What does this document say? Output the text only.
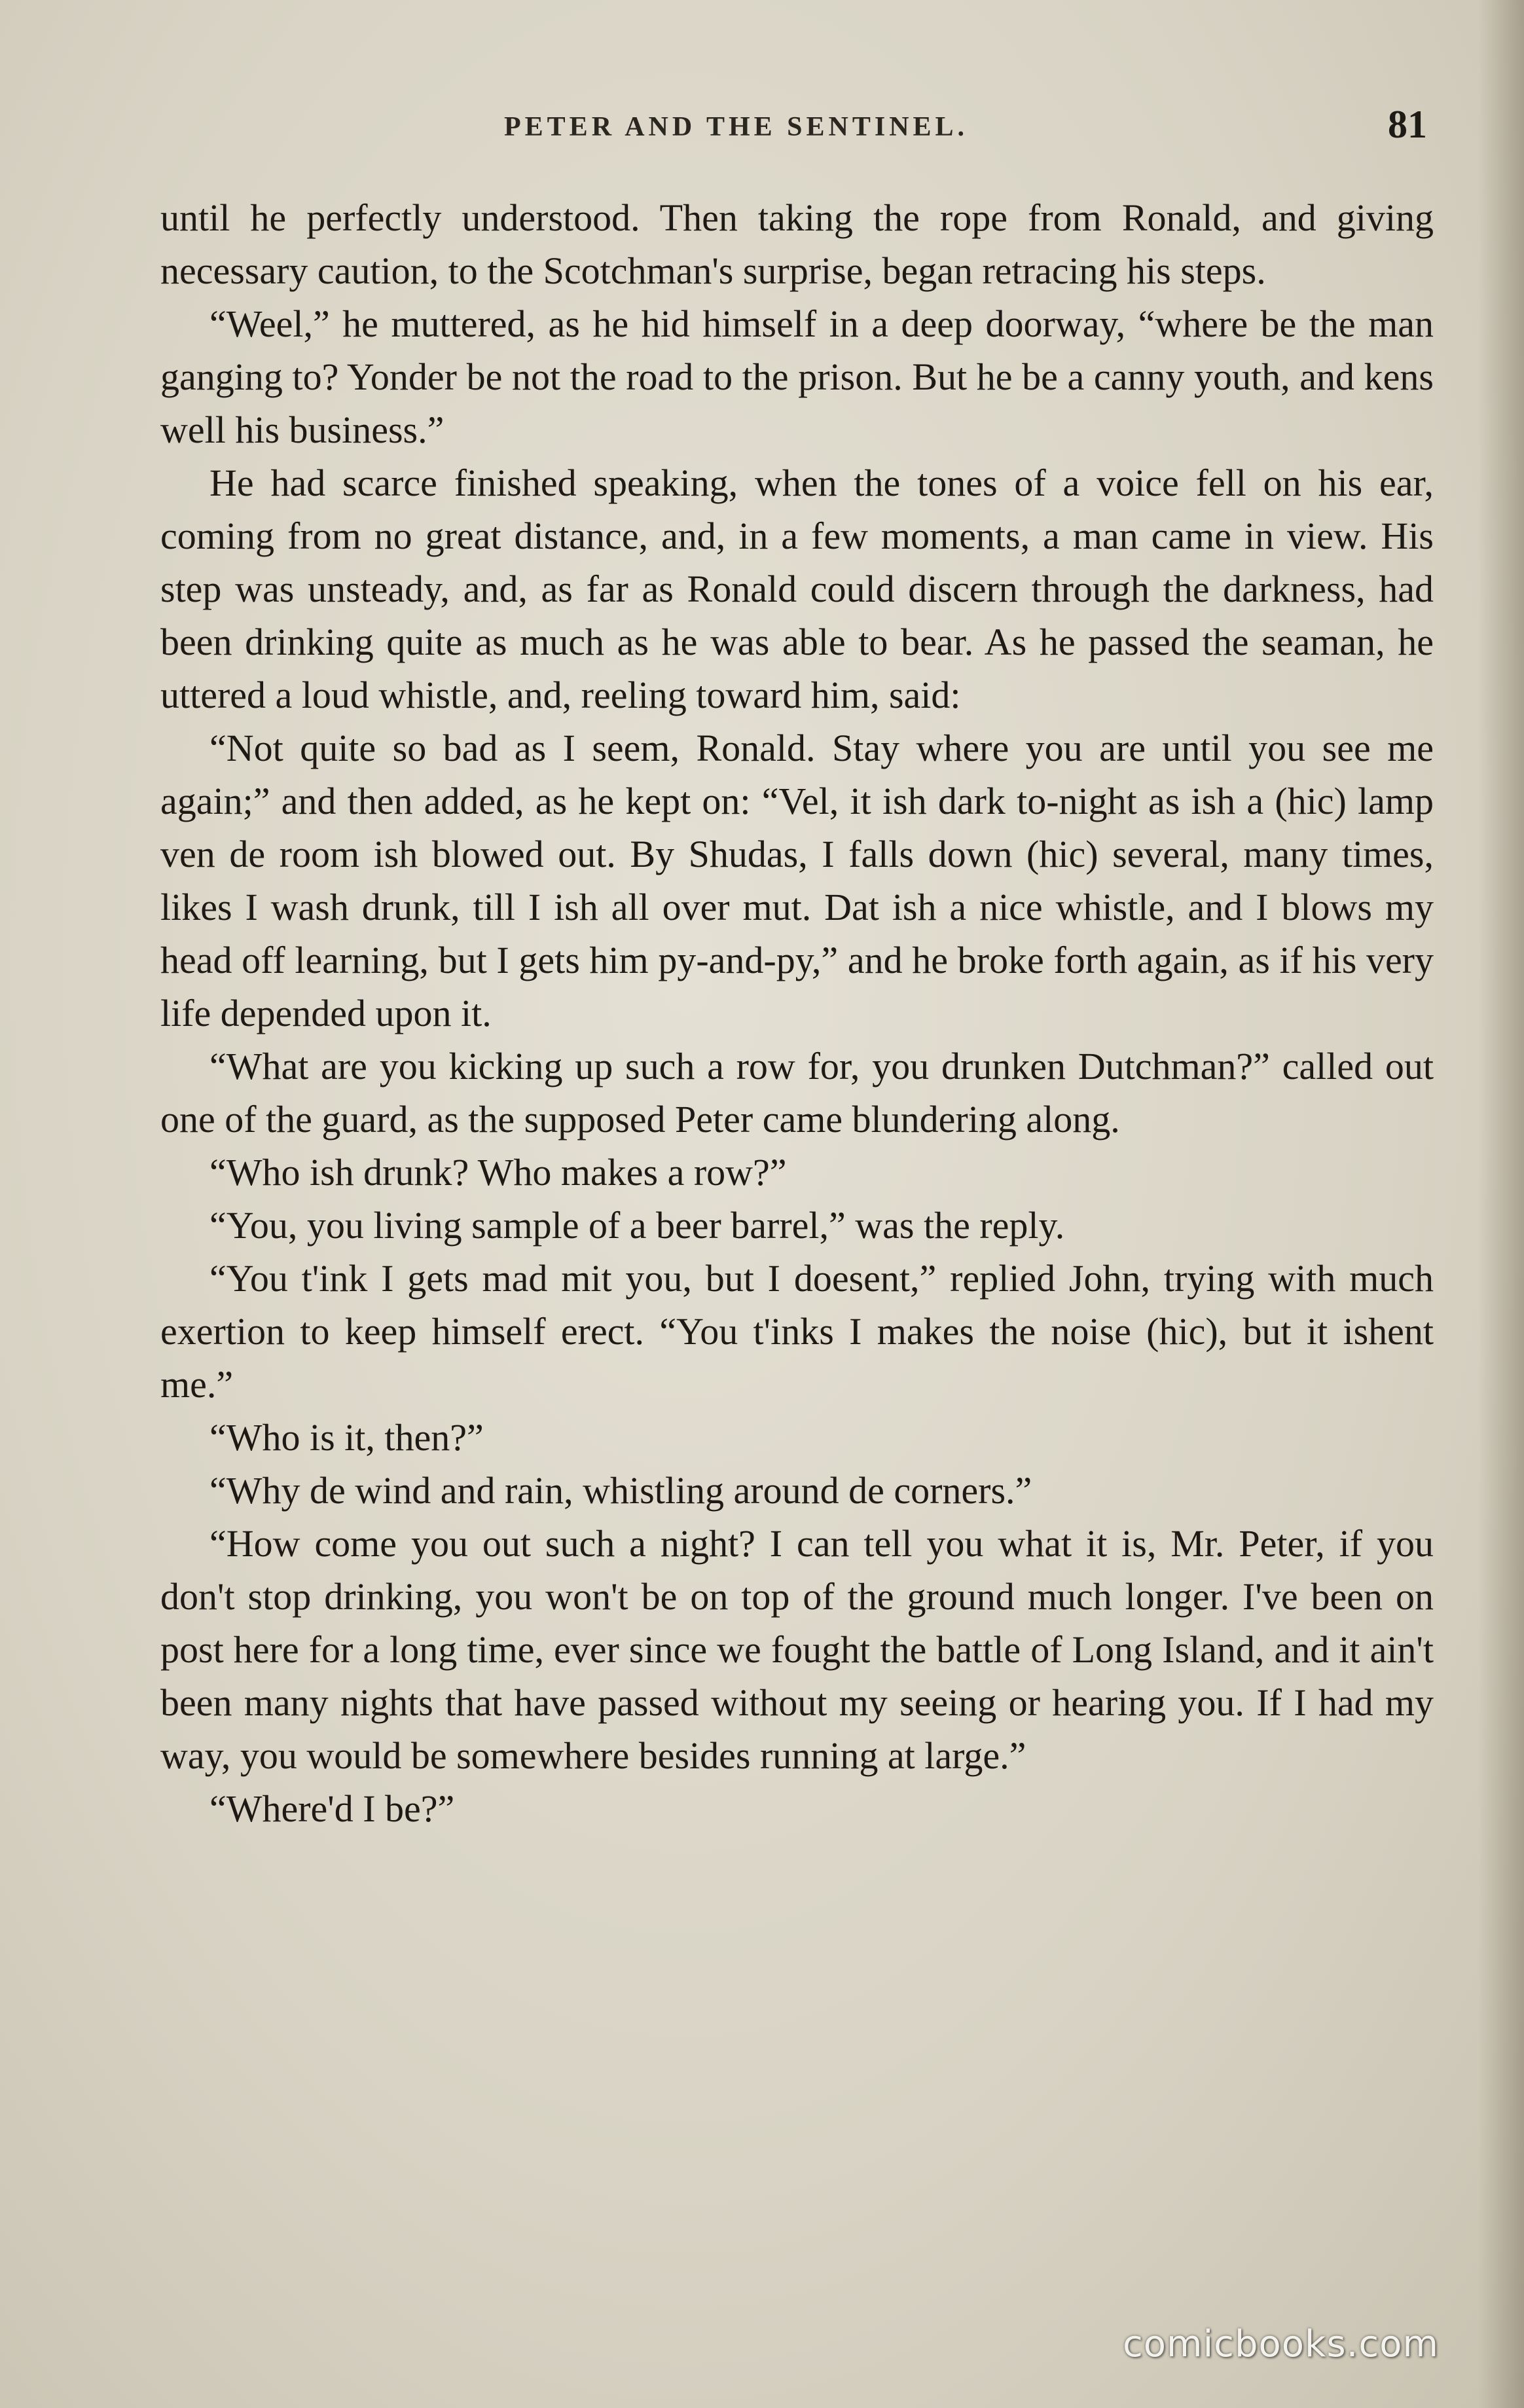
PETER AND THE SENTINEL.	81

until he perfectly understood. Then taking the rope from Ronald, and giving necessary caution, to the Scotchman's surprise, began retracing his steps.

“Weel,” he muttered, as he hid himself in a deep doorway, “where be the man ganging to? Yonder be not the road to the prison. But he be a canny youth, and kens well his business.”

He had scarce finished speaking, when the tones of a voice fell on his ear, coming from no great distance, and, in a few moments, a man came in view. His step was unsteady, and, as far as Ronald could discern through the darkness, had been drinking quite as much as he was able to bear. As he passed the seaman, he uttered a loud whistle, and, reeling toward him, said:

“Not quite so bad as I seem, Ronald. Stay where you are until you see me again;” and then added, as he kept on: “Vel, it ish dark to-night as ish a (hic) lamp ven de room ish blowed out. By Shudas, I falls down (hic) several, many times, likes I wash drunk, till I ish all over mut. Dat ish a nice whistle, and I blows my head off learning, but I gets him py-and-py,” and he broke forth again, as if his very life depended upon it.

“What are you kicking up such a row for, you drunken Dutchman?” called out one of the guard, as the supposed Peter came blundering along.

“Who ish drunk? Who makes a row?”

“You, you living sample of a beer barrel,” was the reply.

“You t'ink I gets mad mit you, but I doesent,” replied John, trying with much exertion to keep himself erect. “You t'inks I makes the noise (hic), but it ishent me.”

“Who is it, then?”

“Why de wind and rain, whistling around de corners.”

“How come you out such a night? I can tell you what it is, Mr. Peter, if you don't stop drinking, you won't be on top of the ground much longer. I've been on post here for a long time, ever since we fought the battle of Long Island, and it ain't been many nights that have passed without my seeing or hearing you. If I had my way, you would be somewhere besides running at large.”

“Where'd I be?”

comicbooks.com
